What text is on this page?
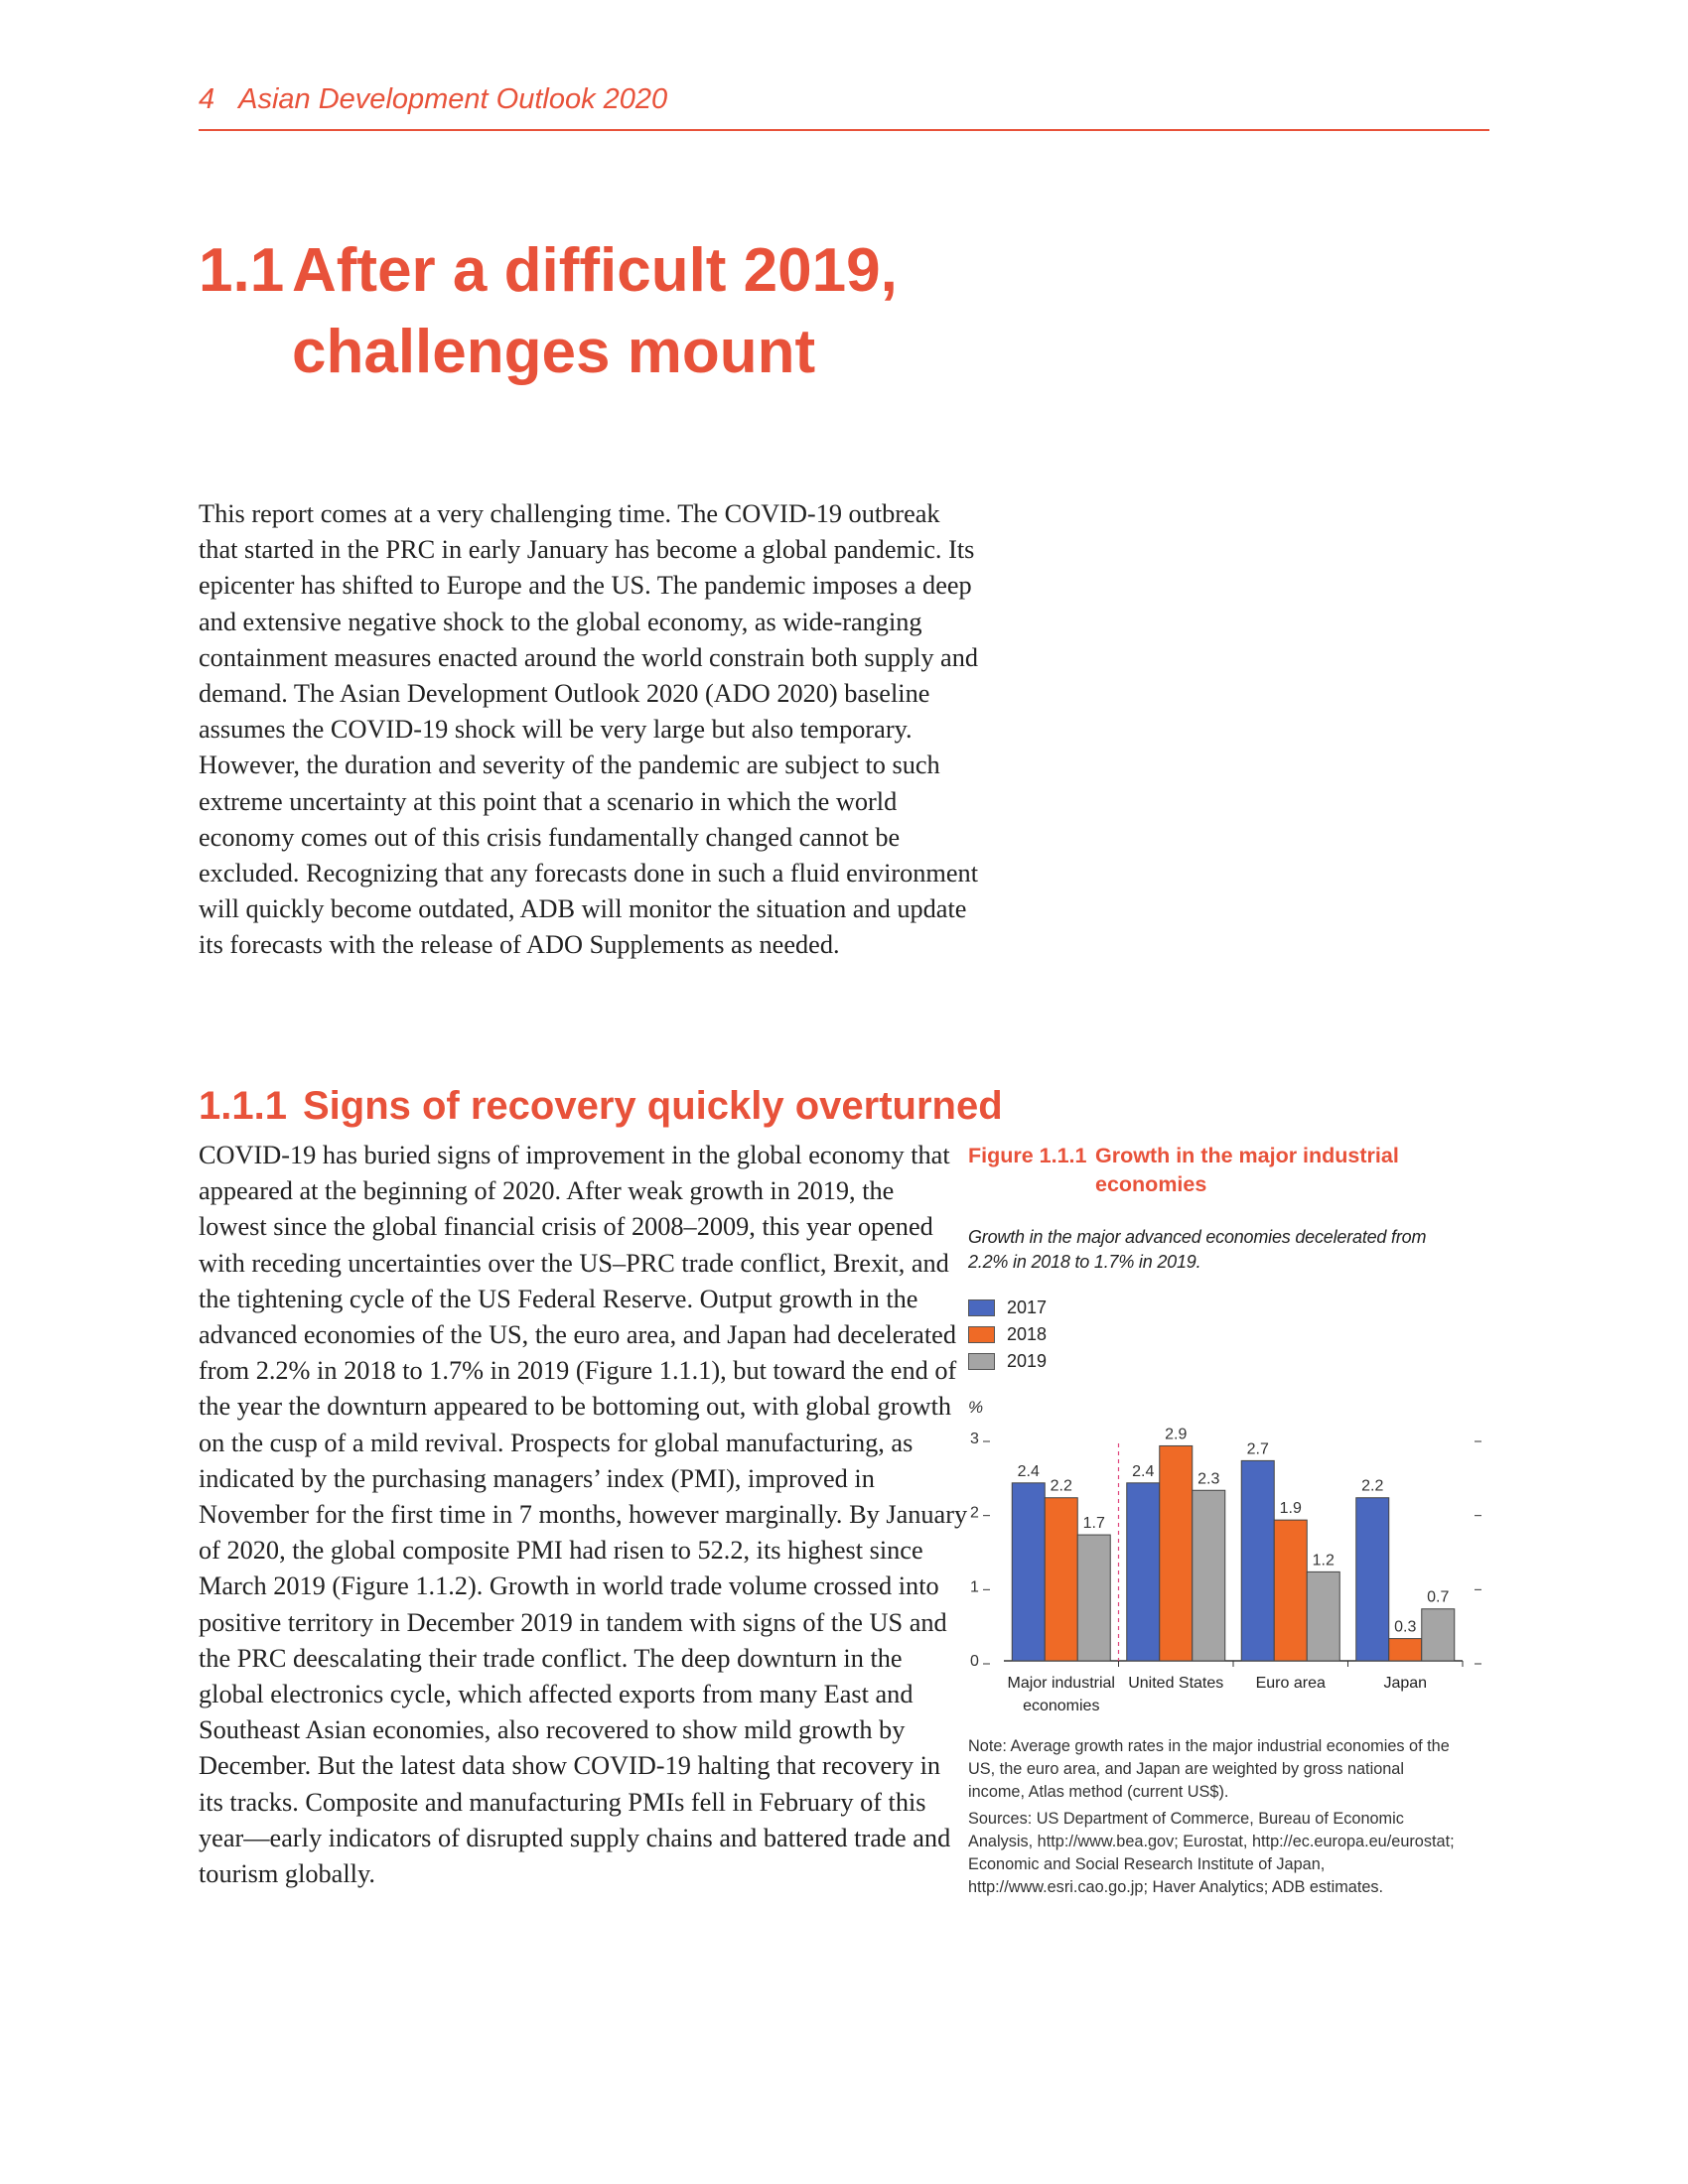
4 Asian Development Outlook 2020
1.1 After a difficult 2019, challenges mount

This report comes at a very challenging time. The COVID-19 outbreak that started in the PRC in early January has become a global pandemic. Its epicenter has shifted to Europe and the US. The pandemic imposes a deep and extensive negative shock to the global economy, as wide-ranging containment measures enacted around the world constrain both supply and demand. The Asian Development Outlook 2020 (ADO 2020) baseline assumes the COVID-19 shock will be very large but also temporary. However, the duration and severity of the pandemic are subject to such extreme uncertainty at this point that a scenario in which the world economy comes out of this crisis fundamentally changed cannot be excluded. Recognizing that any forecasts done in such a fluid environment will quickly become outdated, ADB will monitor the situation and update its forecasts with the release of ADO Supplements as needed.

1.1.1 Signs of recovery quickly overturned

COVID-19 has buried signs of improvement in the global economy that appeared at the beginning of 2020. After weak growth in 2019, the lowest since the global financial crisis of 2008–2009, this year opened with receding uncertainties over the US–PRC trade conflict, Brexit, and the tightening cycle of the US Federal Reserve. Output growth in the advanced economies of the US, the euro area, and Japan had decelerated from 2.2% in 2018 to 1.7% in 2019 (Figure 1.1.1), but toward the end of the year the downturn appeared to be bottoming out, with global growth on the cusp of a mild revival. Prospects for global manufacturing, as indicated by the purchasing managers’ index (PMI), improved in November for the first time in 7 months, however marginally. By January of 2020, the global composite PMI had risen to 52.2, its highest since March 2019 (Figure 1.1.2). Growth in world trade volume crossed into positive territory in December 2019 in tandem with signs of the US and the PRC deescalating their trade conflict. The deep downturn in the global electronics cycle, which affected exports from many East and Southeast Asian economies, also recovered to show mild growth by December. But the latest data show COVID-19 halting that recovery in its tracks. Composite and manufacturing PMIs fell in February of this year—early indicators of disrupted supply chains and battered trade and tourism globally.

Figure 1.1.1 Growth in the major industrial economies
Growth in the major advanced economies decelerated from 2.2% in 2018 to 1.7% in 2019.
2017
2018
2019
%
0
1
2
3
2.4
2.2
1.7
Major industrial
economies
2.4
2.9
2.3
United States
2.7
1.9
1.2
Euro area
2.2
0.3
0.7
Japan

Note: Average growth rates in the major industrial economies of the US, the euro area, and Japan are weighted by gross national income, Atlas method (current US$).

Sources: US Department of Commerce, Bureau of Economic Analysis, http://www.bea.gov; Eurostat, http://ec.europa.eu/eurostat; Economic and Social Research Institute of Japan, http://www.esri.cao.go.jp; Haver Analytics; ADB estimates.
